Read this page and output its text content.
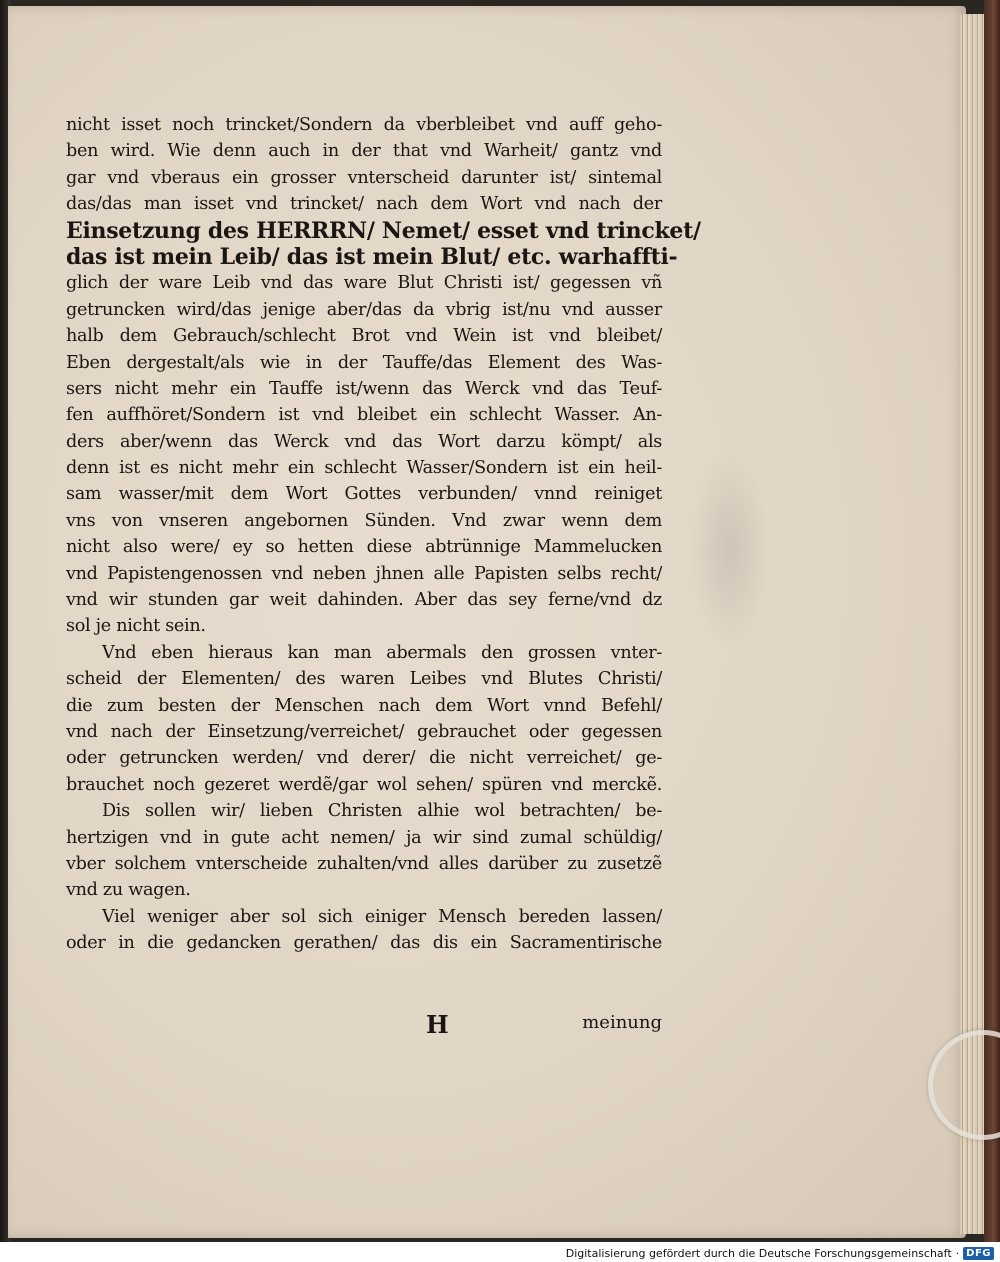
nicht isset noch trincket/Sondern da vberbleibet vnd auff geho-
ben wird. Wie denn auch in der that vnd Warheit/ gantz vnd
gar vnd vberaus ein grosser vnterscheid darunter ist/ sintemal
das/das man isset vnd trincket/ nach dem Wort vnd nach der
Einsetzung des HERRRN/ Nemet/ esset vnd trincket/
das ist mein Leib/ das ist mein Blut/ etc. warhaffti-
glich der ware Leib vnd das ware Blut Christi ist/ gegessen vñ
getruncken wird/das jenige aber/das da vbrig ist/nu vnd ausser
halb dem Gebrauch/schlecht Brot vnd Wein ist vnd bleibet/
Eben dergestalt/als wie in der Tauffe/das Element des Was-
sers nicht mehr ein Tauffe ist/wenn das Werck vnd das Teuf-
fen auffhöret/Sondern ist vnd bleibet ein schlecht Wasser. An-
ders aber/wenn das Werck vnd das Wort darzu kömpt/ als
denn ist es nicht mehr ein schlecht Wasser/Sondern ist ein heil-
sam wasser/mit dem Wort Gottes verbunden/ vnnd reiniget
vns von vnseren angebornen Sünden. Vnd zwar wenn dem
nicht also were/ ey so hetten diese abtrünnige Mammelucken
vnd Papistengenossen vnd neben jhnen alle Papisten selbs recht/
vnd wir stunden gar weit dahinden. Aber das sey ferne/vnd dz
sol je nicht sein.
Vnd eben hieraus kan man abermals den grossen vnter-
scheid der Elementen/ des waren Leibes vnd Blutes Christi/
die zum besten der Menschen nach dem Wort vnnd Befehl/
vnd nach der Einsetzung/verreichet/ gebrauchet oder gegessen
oder getruncken werden/ vnd derer/ die nicht verreichet/ ge-
brauchet noch gezeret werdẽ/gar wol sehen/ spüren vnd merckẽ.
Dis sollen wir/ lieben Christen alhie wol betrachten/ be-
hertzigen vnd in gute acht nemen/ ja wir sind zumal schüldig/
vber solchem vnterscheide zuhalten/vnd alles darüber zu zusetzẽ
vnd zu wagen.
Viel weniger aber sol sich einiger Mensch bereden lassen/
oder in die gedancken gerathen/ das dis ein Sacramentirische
H	meinung
Digitalisierung gefördert durch die Deutsche Forschungsgemeinschaft · DFG
